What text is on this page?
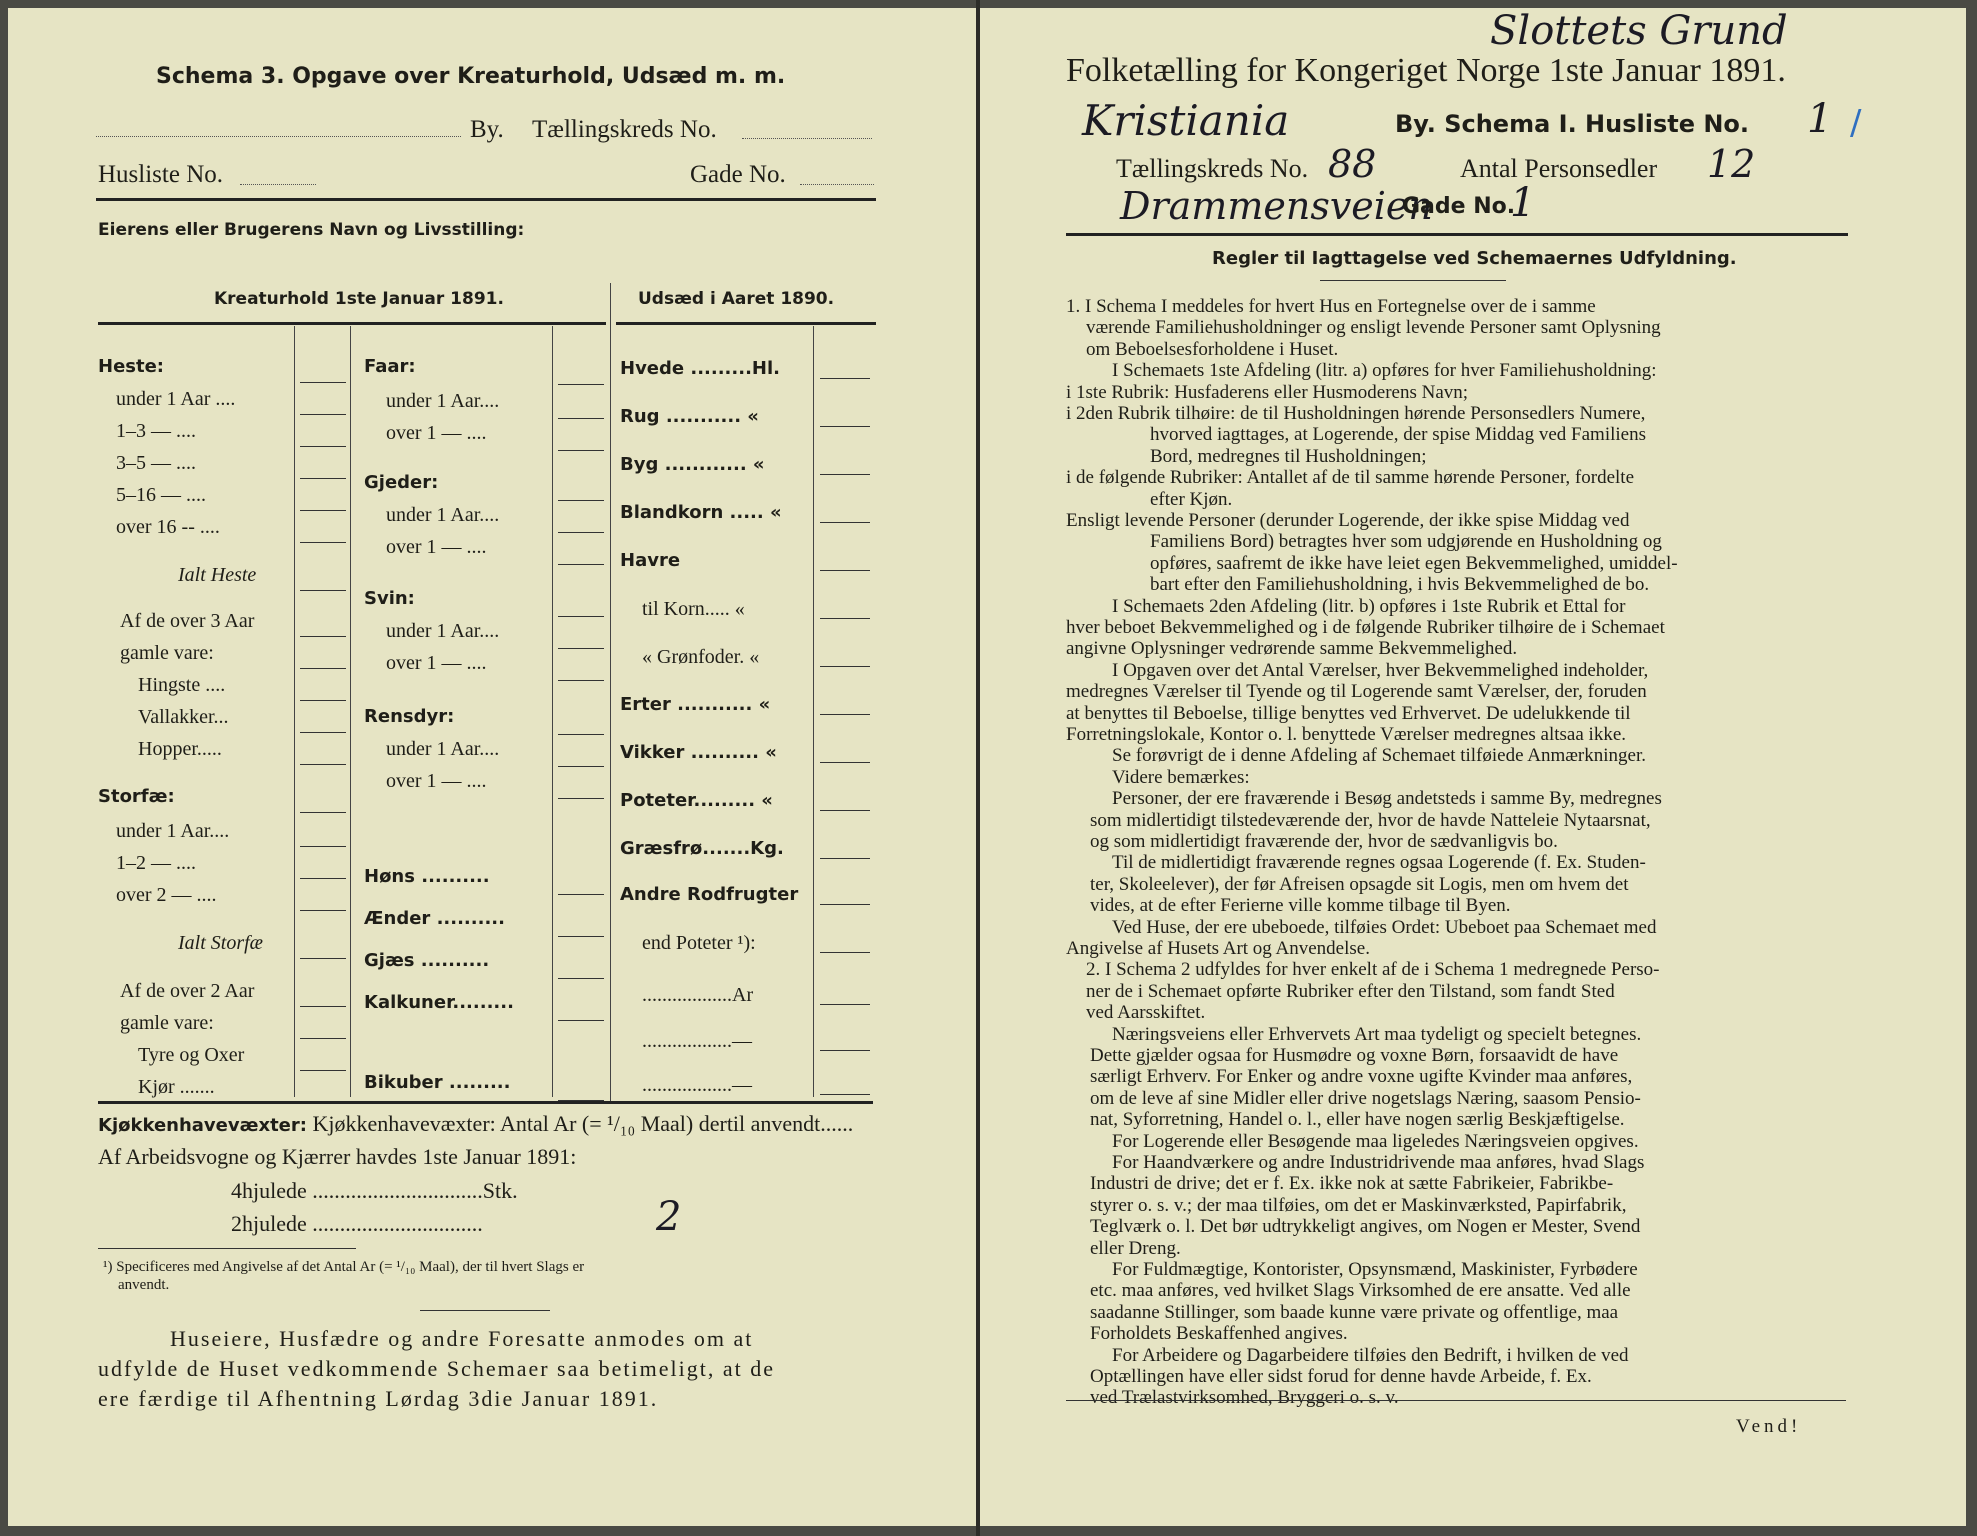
Schema 3. Opgave over Kreaturhold, Udsæd m. m.
By. Tællingskreds No.
Husliste No.	Gade No.
Eierens eller Brugerens Navn og Livsstilling:
Kreaturhold 1ste Januar 1891.	Udsæd i Aaret 1890.
Heste:
under 1 Aar ....
1–3 — ....
3–5 — ....
5–16 — ....
over 16 -- ....
Ialt Heste
Af de over 3 Aar
gamle vare:
Hingste ....
Vallakker...
Hopper.....
Storfæ:
under 1 Aar....
1–2 — ....
over 2 — ....
Ialt Storfæ
Af de over 2 Aar
gamle vare:
Tyre og Oxer
Kjør .......
Faar:
under 1 Aar....
over 1 — ....
Gjeder:
under 1 Aar....
over 1 — ....
Svin:
under 1 Aar....
over 1 — ....
Rensdyr:
under 1 Aar....
over 1 — ....
Høns ..........
Ænder ..........
Gjæs ..........
Kalkuner.........
Bikuber .........
Hvede .........Hl.
Rug ........... «
Byg ............ «
Blandkorn ..... «
Havre
til Korn..... «
« Grønfoder. «
Erter ........... «
Vikker .......... «
Poteter......... «
Græsfrø.......Kg.
Andre Rodfrugter
end Poteter ¹):
..................Ar
..................—
..................—
Kjøkkenhavevæxter: Kjøkkenhavevæxter: Antal Ar (= ¹/₁₀ Maal) dertil anvendt......
Af Arbeidsvogne og Kjærrer havdes 1ste Januar 1891:
4hjulede ...............................Stk.
2hjulede ...............................	2
¹) Specificeres med Angivelse af det Antal Ar (= ¹/₁₀ Maal), der til hvert Slags er
anvendt.
Huseiere, Husfædre og andre Foresatte anmodes om at
udfylde de Huset vedkommende Schemaer saa betimeligt, at de
ere færdige til Afhentning Lørdag 3die Januar 1891.
Slottets Grund
Folketælling for Kongeriget Norge 1ste Januar 1891.
Kristiania	By. Schema I. Husliste No. 1 /
Tællingskreds No. 88	Antal Personsedler 12
Drammensveien
Gade No.
1
Regler til Iagttagelse ved Schemaernes Udfyldning.
1. I Schema I meddeles for hvert Hus en Fortegnelse over de i samme
værende Familiehusholdninger og ensligt levende Personer samt Oplysning
om Beboelsesforholdene i Huset.
I Schemaets 1ste Afdeling (litr. a) opføres for hver Familiehusholdning:
i 1ste Rubrik: Husfaderens eller Husmoderens Navn;
i 2den Rubrik tilhøire: de til Husholdningen hørende Personsedlers Numere,
hvorved iagttages, at Logerende, der spise Middag ved Familiens
Bord, medregnes til Husholdningen;
i de følgende Rubriker: Antallet af de til samme hørende Personer, fordelte
efter Kjøn.
Ensligt levende Personer (derunder Logerende, der ikke spise Middag ved
Familiens Bord) betragtes hver som udgjørende en Husholdning og
opføres, saafremt de ikke have leiet egen Bekvemmelighed, umiddel-
bart efter den Familiehusholdning, i hvis Bekvemmelighed de bo.
I Schemaets 2den Afdeling (litr. b) opføres i 1ste Rubrik et Ettal for
hver beboet Bekvemmelighed og i de følgende Rubriker tilhøire de i Schemaet
angivne Oplysninger vedrørende samme Bekvemmelighed.
I Opgaven over det Antal Værelser, hver Bekvemmelighed indeholder,
medregnes Værelser til Tyende og til Logerende samt Værelser, der, foruden
at benyttes til Beboelse, tillige benyttes ved Erhvervet. De udelukkende til
Forretningslokale, Kontor o. l. benyttede Værelser medregnes altsaa ikke.
Se forøvrigt de i denne Afdeling af Schemaet tilføiede Anmærkninger.
Videre bemærkes:
Personer, der ere fraværende i Besøg andetsteds i samme By, medregnes
som midlertidigt tilstedeværende der, hvor de havde Natteleie Nytaarsnat,
og som midlertidigt fraværende der, hvor de sædvanligvis bo.
Til de midlertidigt fraværende regnes ogsaa Logerende (f. Ex. Studen-
ter, Skoleelever), der før Afreisen opsagde sit Logis, men om hvem det
vides, at de efter Ferierne ville komme tilbage til Byen.
Ved Huse, der ere ubeboede, tilføies Ordet: Ubeboet paa Schemaet med
Angivelse af Husets Art og Anvendelse.
2. I Schema 2 udfyldes for hver enkelt af de i Schema 1 medregnede Perso-
ner de i Schemaet opførte Rubriker efter den Tilstand, som fandt Sted
ved Aarsskiftet.
Næringsveiens eller Erhvervets Art maa tydeligt og specielt betegnes.
Dette gjælder ogsaa for Husmødre og voxne Børn, forsaavidt de have
særligt Erhverv. For Enker og andre voxne ugifte Kvinder maa anføres,
om de leve af sine Midler eller drive nogetslags Næring, saasom Pensio-
nat, Syforretning, Handel o. l., eller have nogen særlig Beskjæftigelse.
For Logerende eller Besøgende maa ligeledes Næringsveien opgives.
For Haandværkere og andre Industridrivende maa anføres, hvad Slags
Industri de drive; det er f. Ex. ikke nok at sætte Fabrikeier, Fabrikbe-
styrer o. s. v.; der maa tilføies, om det er Maskinværksted, Papirfabrik,
Teglværk o. l. Det bør udtrykkeligt angives, om Nogen er Mester, Svend
eller Dreng.
For Fuldmægtige, Kontorister, Opsynsmænd, Maskinister, Fyrbødere
etc. maa anføres, ved hvilket Slags Virksomhed de ere ansatte. Ved alle
saadanne Stillinger, som baade kunne være private og offentlige, maa
Forholdets Beskaffenhed angives.
For Arbeidere og Dagarbeidere tilføies den Bedrift, i hvilken de ved
Optællingen have eller sidst forud for denne havde Arbeide, f. Ex.
ved Trælastvirksomhed, Bryggeri o. s. v.
Vend!
